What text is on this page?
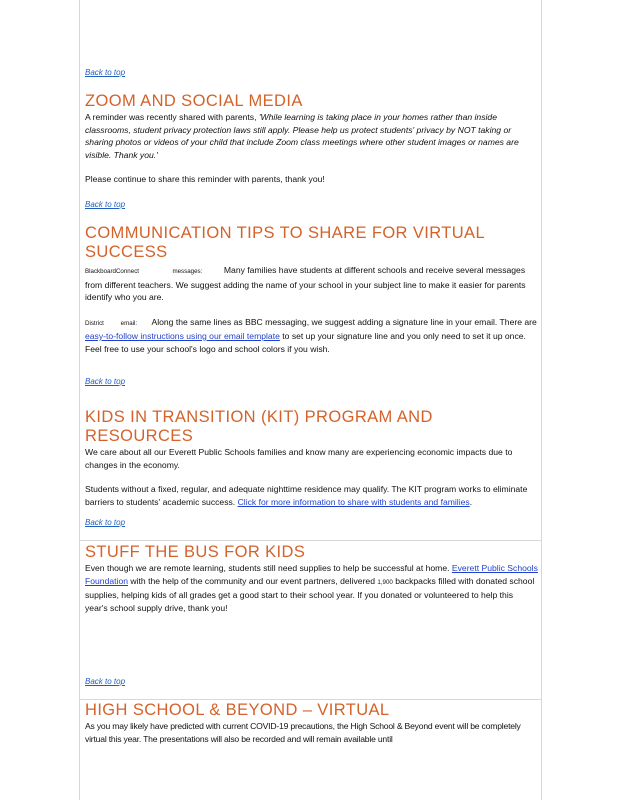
Back to top
ZOOM AND SOCIAL MEDIA

A reminder was recently shared with parents, 'While learning is taking place in your homes rather than inside classrooms, student privacy protection laws still apply. Please help us protect students' privacy by NOT taking or sharing photos or videos of your child that include Zoom class meetings where other student images or names are visible. Thank you.'

Please continue to share this reminder with parents, thank you!

Back to top
COMMUNICATION TIPS TO SHARE FOR VIRTUAL SUCCESS

BlackboardConnect	messages:	Many families have students at different schools and receive several messages from different teachers. We suggest adding the name of your school in your subject line to make it easier for parents identify who you are.

District	email: Along the same lines as BBC messaging, we suggest adding a signature line in your email. There are easy-to-follow instructions using our email template to set up your signature line and you only need to set it up once. Feel free to use your school's logo and school colors if you wish.

Back to top
KIDS IN TRANSITION (KIT) PROGRAM AND RESOURCES

We care about all our Everett Public Schools families and know many are experiencing economic impacts due to changes in the economy.

Students without a fixed, regular, and adequate nighttime residence may qualify. The KIT program works to eliminate barriers to students' academic success. Click for more information to share with students and families.

Back to top
STUFF THE BUS FOR KIDS

Even though we are remote learning, students still need supplies to help be successful at home. Everett Public Schools Foundation with the help of the community and our event partners, delivered 1,900 backpacks filled with donated school supplies, helping kids of all grades get a good start to their school year. If you donated or volunteered to help this year's school supply drive, thank you!

Back to top
HIGH SCHOOL & BEYOND – VIRTUAL

As you may likely have predicted with current COVID-19 precautions, the High School & Beyond event will be completely virtual this year. The presentations will also be recorded and will remain available until
